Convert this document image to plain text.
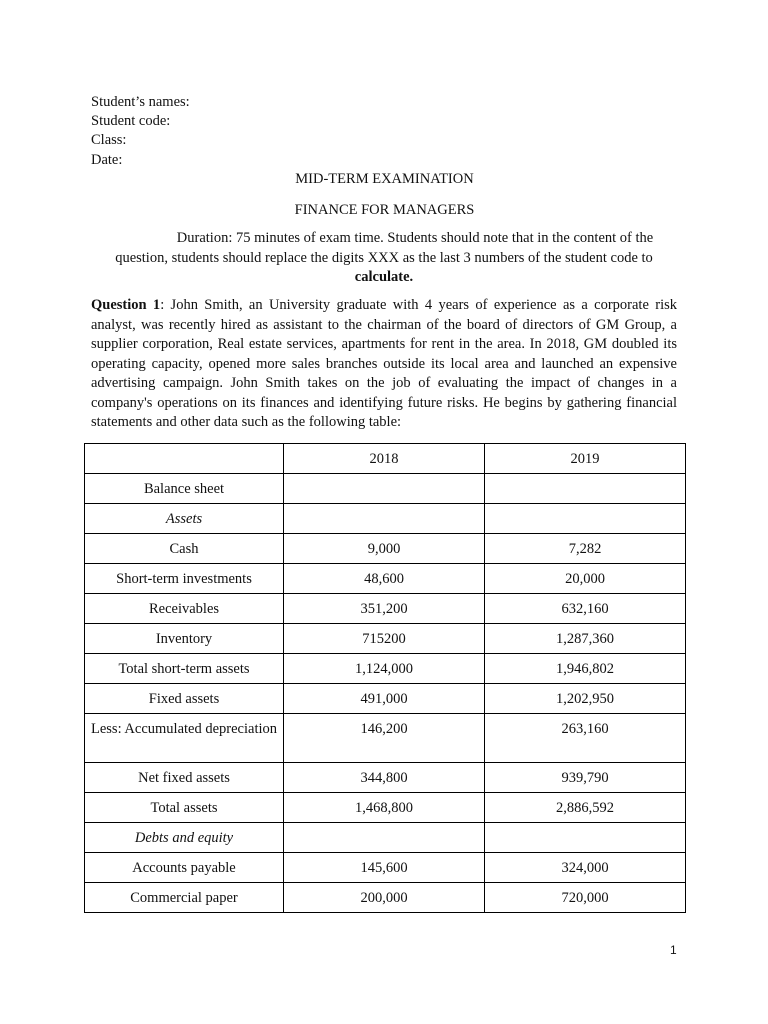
Student’s names:
Student code:
Class:
Date:
MID-TERM EXAMINATION
FINANCE FOR MANAGERS
Duration: 75 minutes of exam time. Students should note that in the content of the question, students should replace the digits XXX as the last 3 numbers of the student code to calculate.
Question 1: John Smith, an University graduate with 4 years of experience as a corporate risk analyst, was recently hired as assistant to the chairman of the board of directors of GM Group, a supplier corporation, Real estate services, apartments for rent in the area. In 2018, GM doubled its operating capacity, opened more sales branches outside its local area and launched an expensive advertising campaign. John Smith takes on the job of evaluating the impact of changes in a company's operations on its finances and identifying future risks. He begins by gathering financial statements and other data such as the following table:
	2018	2019
Balance sheet		
Assets		
Cash	9,000	7,282
Short-term investments	48,600	20,000
Receivables	351,200	632,160
Inventory	715200	1,287,360
Total short-term assets	1,124,000	1,946,802
Fixed assets	491,000	1,202,950
Less: Accumulated depreciation	146,200	263,160
Net fixed assets	344,800	939,790
Total assets	1,468,800	2,886,592
Debts and equity		
Accounts payable	145,600	324,000
Commercial paper	200,000	720,000
1
